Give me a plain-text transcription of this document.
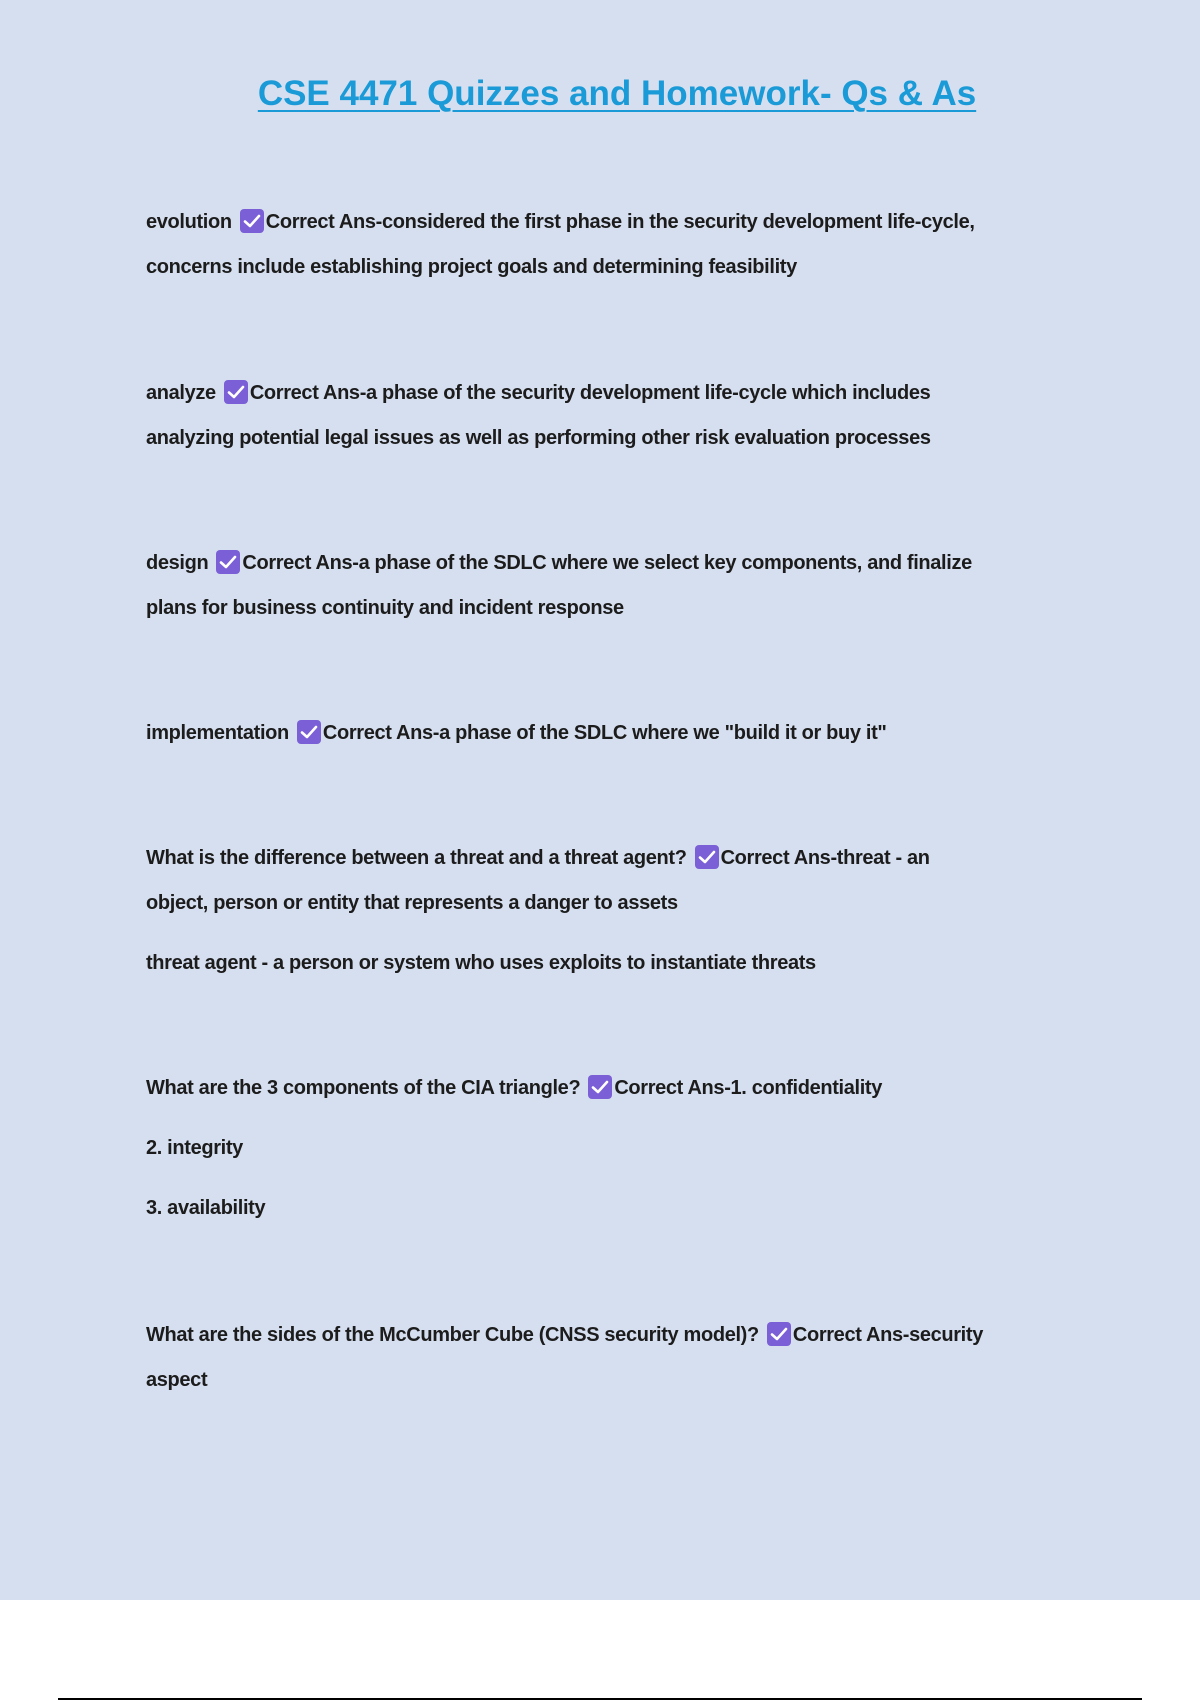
CSE 4471 Quizzes and Homework- Qs & As

evolution Correct Ans-considered the first phase in the security development life-cycle,

concerns include establishing project goals and determining feasibility

analyze Correct Ans-a phase of the security development life-cycle which includes

analyzing potential legal issues as well as performing other risk evaluation processes

design Correct Ans-a phase of the SDLC where we select key components, and finalize

plans for business continuity and incident response

implementation Correct Ans-a phase of the SDLC where we "build it or buy it"

What is the difference between a threat and a threat agent? Correct Ans-threat - an

object, person or entity that represents a danger to assets

threat agent - a person or system who uses exploits to instantiate threats

What are the 3 components of the CIA triangle? Correct Ans-1. confidentiality

2. integrity

3. availability

What are the sides of the McCumber Cube (CNSS security model)? Correct Ans-security

aspect
